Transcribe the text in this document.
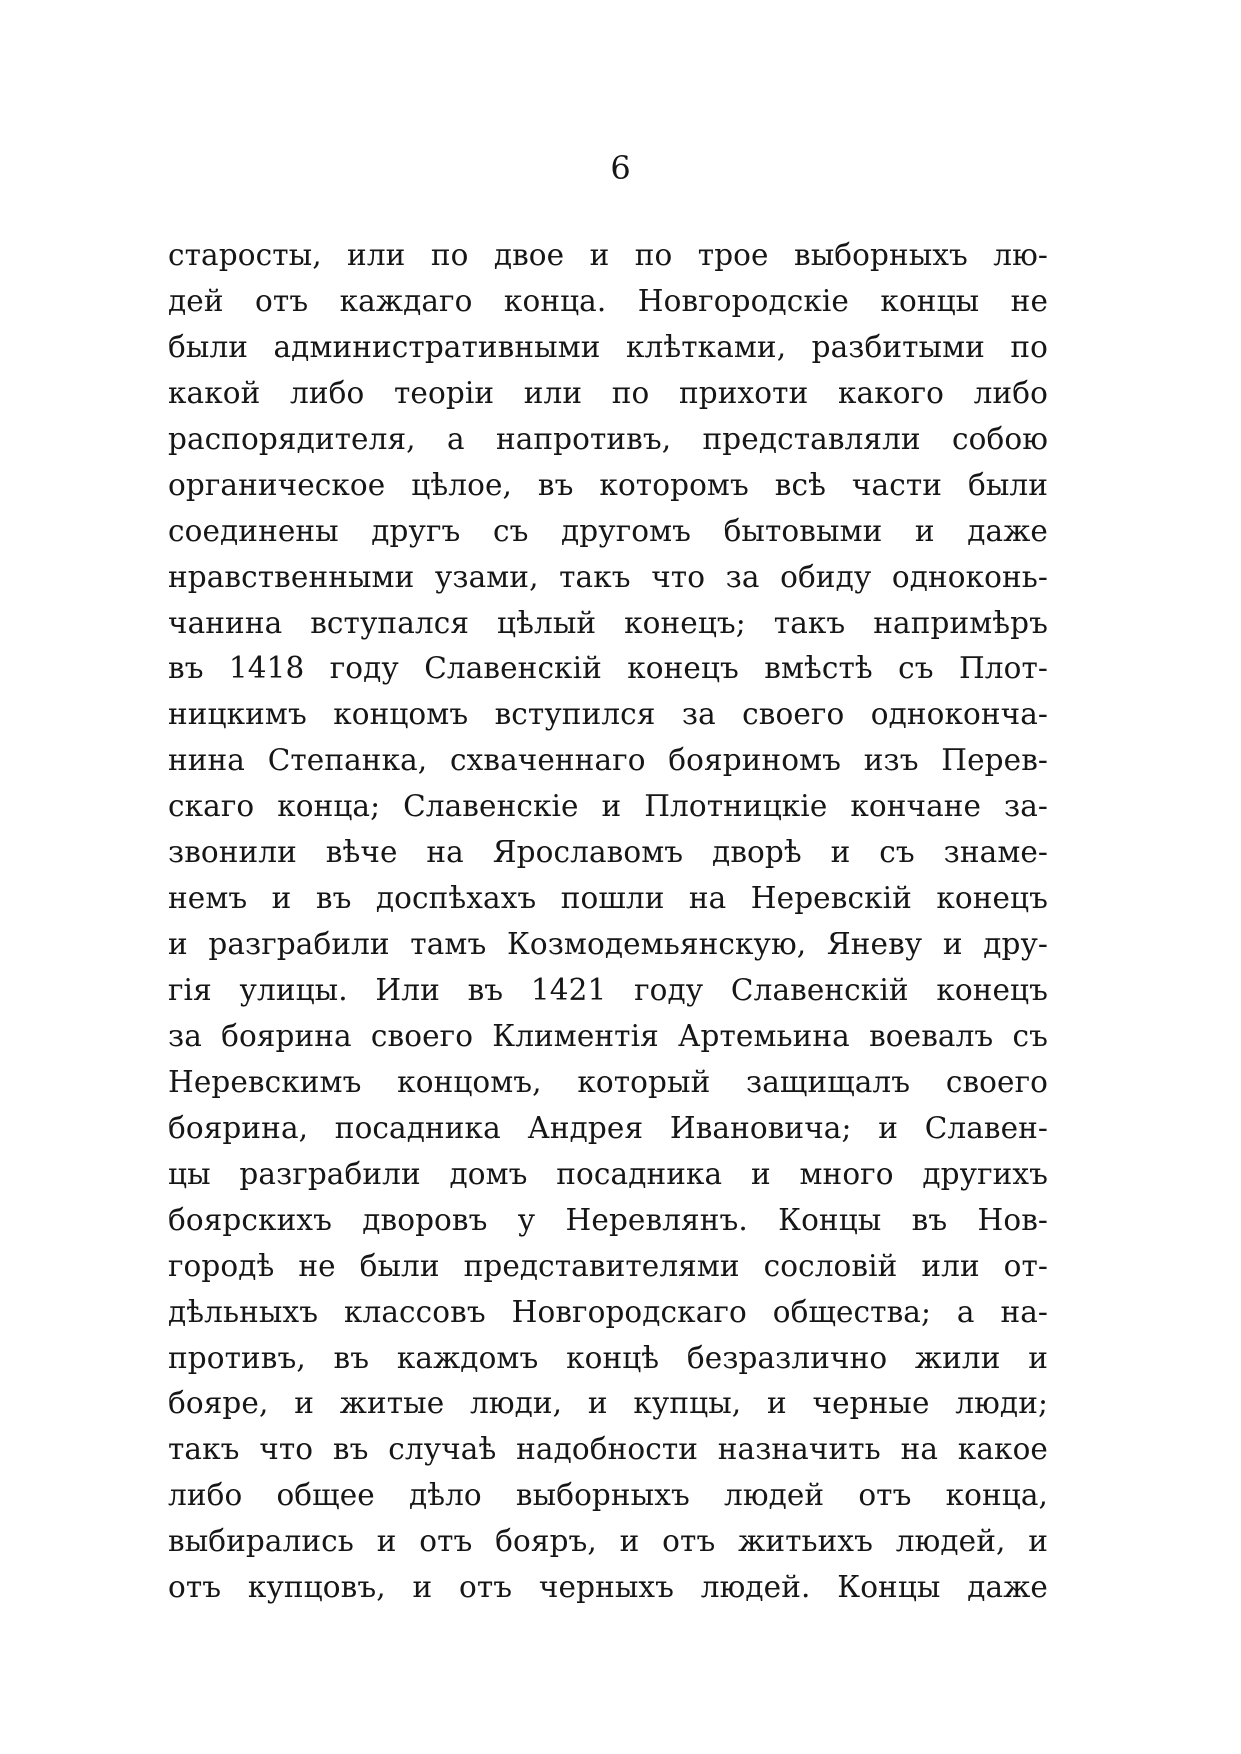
6
старосты, или по двое и по трое выборныхъ лю-
дей отъ каждаго конца. Новгородскіе концы не
были административными клѣтками, разбитыми по
какой либо теоріи или по прихоти какого либо
распорядителя, а напротивъ, представляли собою
органическое цѣлое, въ которомъ всѣ части были
соединены другъ съ другомъ бытовыми и даже
нравственными узами, такъ что за обиду одноконь-
чанина вступался цѣлый конецъ; такъ напримѣръ
въ 1418 году Славенскій конецъ вмѣстѣ съ Плот-
ницкимъ концомъ вступился за своего одноконча-
нина Степанка, схваченнаго бояриномъ изъ Перев-
скаго конца; Славенскіе и Плотницкіе кончане за-
звонили вѣче на Ярославомъ дворѣ и съ знаме-
немъ и въ доспѣхахъ пошли на Неревскій конецъ
и разграбили тамъ Козмодемьянскую, Яневу и дру-
гія улицы. Или въ 1421 году Славенскій конецъ
за боярина своего Климентія Артемьина воевалъ съ
Неревскимъ концомъ, который защищалъ своего
боярина, посадника Андрея Ивановича; и Славен-
цы разграбили домъ посадника и много другихъ
боярскихъ дворовъ у Неревлянъ. Концы въ Нов-
городѣ не были представителями сословій или от-
дѣльныхъ классовъ Новгородскаго общества; а на-
противъ, въ каждомъ концѣ безразлично жили и
бояре, и житые люди, и купцы, и черные люди;
такъ что въ случаѣ надобности назначить на какое
либо общее дѣло выборныхъ людей отъ конца,
выбирались и отъ бояръ, и отъ житьихъ людей, и
отъ купцовъ, и отъ черныхъ людей. Концы даже
